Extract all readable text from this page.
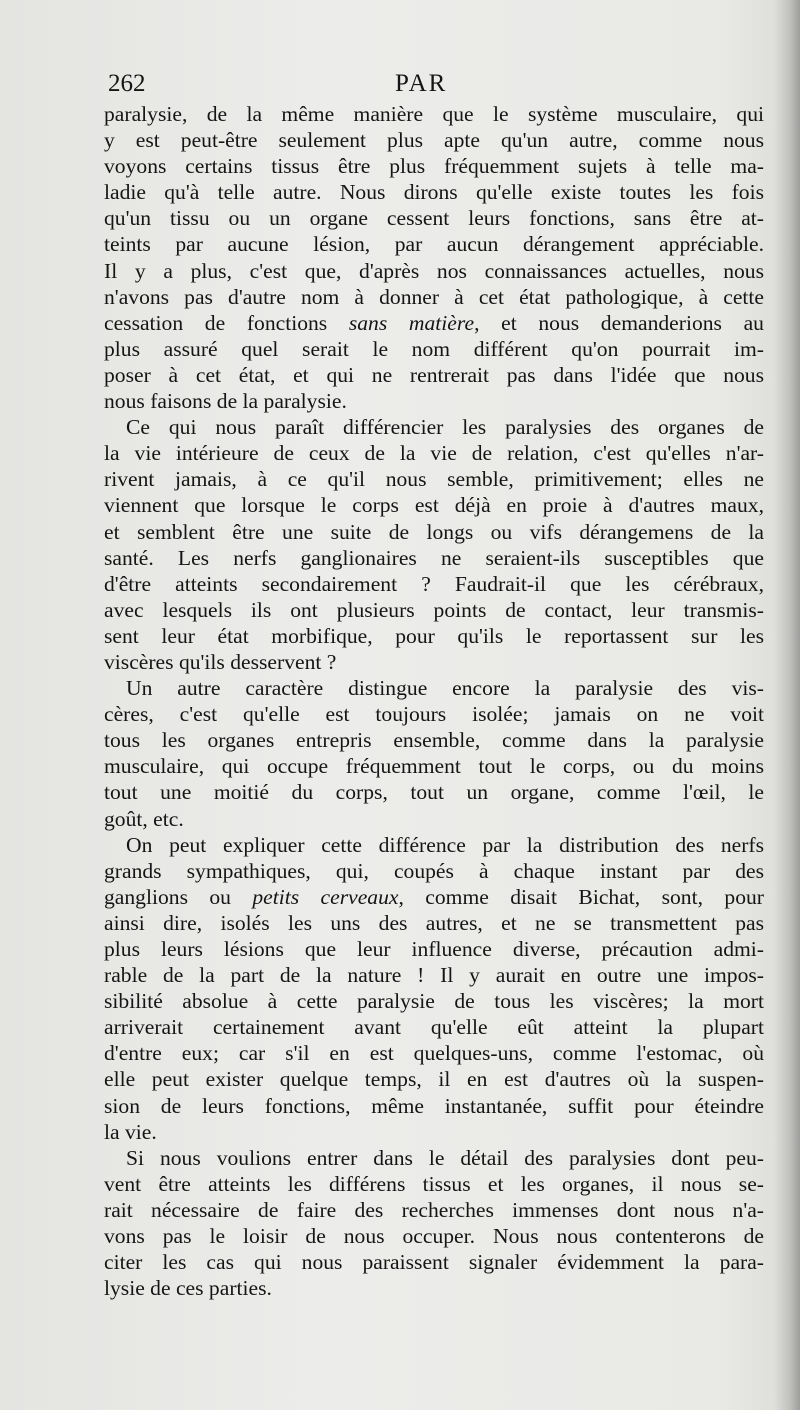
262	PAR
paralysie, de la même manière que le système musculaire, qui
y est peut-être seulement plus apte qu'un autre, comme nous
voyons certains tissus être plus fréquemment sujets à telle ma-
ladie qu'à telle autre. Nous dirons qu'elle existe toutes les fois
qu'un tissu ou un organe cessent leurs fonctions, sans être at-
teints par aucune lésion, par aucun dérangement appréciable.
Il y a plus, c'est que, d'après nos connaissances actuelles, nous
n'avons pas d'autre nom à donner à cet état pathologique, à cette
cessation de fonctions sans matière, et nous demanderions au
plus assuré quel serait le nom différent qu'on pourrait im-
poser à cet état, et qui ne rentrerait pas dans l'idée que nous
nous faisons de la paralysie.
Ce qui nous paraît différencier les paralysies des organes de
la vie intérieure de ceux de la vie de relation, c'est qu'elles n'ar-
rivent jamais, à ce qu'il nous semble, primitivement; elles ne
viennent que lorsque le corps est déjà en proie à d'autres maux,
et semblent être une suite de longs ou vifs dérangemens de la
santé. Les nerfs ganglionaires ne seraient-ils susceptibles que
d'être atteints secondairement ? Faudrait-il que les cérébraux,
avec lesquels ils ont plusieurs points de contact, leur transmis-
sent leur état morbifique, pour qu'ils le reportassent sur les
viscères qu'ils desservent ?
Un autre caractère distingue encore la paralysie des vis-
cères, c'est qu'elle est toujours isolée; jamais on ne voit
tous les organes entrepris ensemble, comme dans la paralysie
musculaire, qui occupe fréquemment tout le corps, ou du moins
tout une moitié du corps, tout un organe, comme l'œil, le
goût, etc.
On peut expliquer cette différence par la distribution des nerfs
grands sympathiques, qui, coupés à chaque instant par des
ganglions ou petits cerveaux, comme disait Bichat, sont, pour
ainsi dire, isolés les uns des autres, et ne se transmettent pas
plus leurs lésions que leur influence diverse, précaution admi-
rable de la part de la nature ! Il y aurait en outre une impos-
sibilité absolue à cette paralysie de tous les viscères; la mort
arriverait certainement avant qu'elle eût atteint la plupart
d'entre eux; car s'il en est quelques-uns, comme l'estomac, où
elle peut exister quelque temps, il en est d'autres où la suspen-
sion de leurs fonctions, même instantanée, suffit pour éteindre
la vie.
Si nous voulions entrer dans le détail des paralysies dont peu-
vent être atteints les différens tissus et les organes, il nous se-
rait nécessaire de faire des recherches immenses dont nous n'a-
vons pas le loisir de nous occuper. Nous nous contenterons de
citer les cas qui nous paraissent signaler évidemment la para-
lysie de ces parties.
